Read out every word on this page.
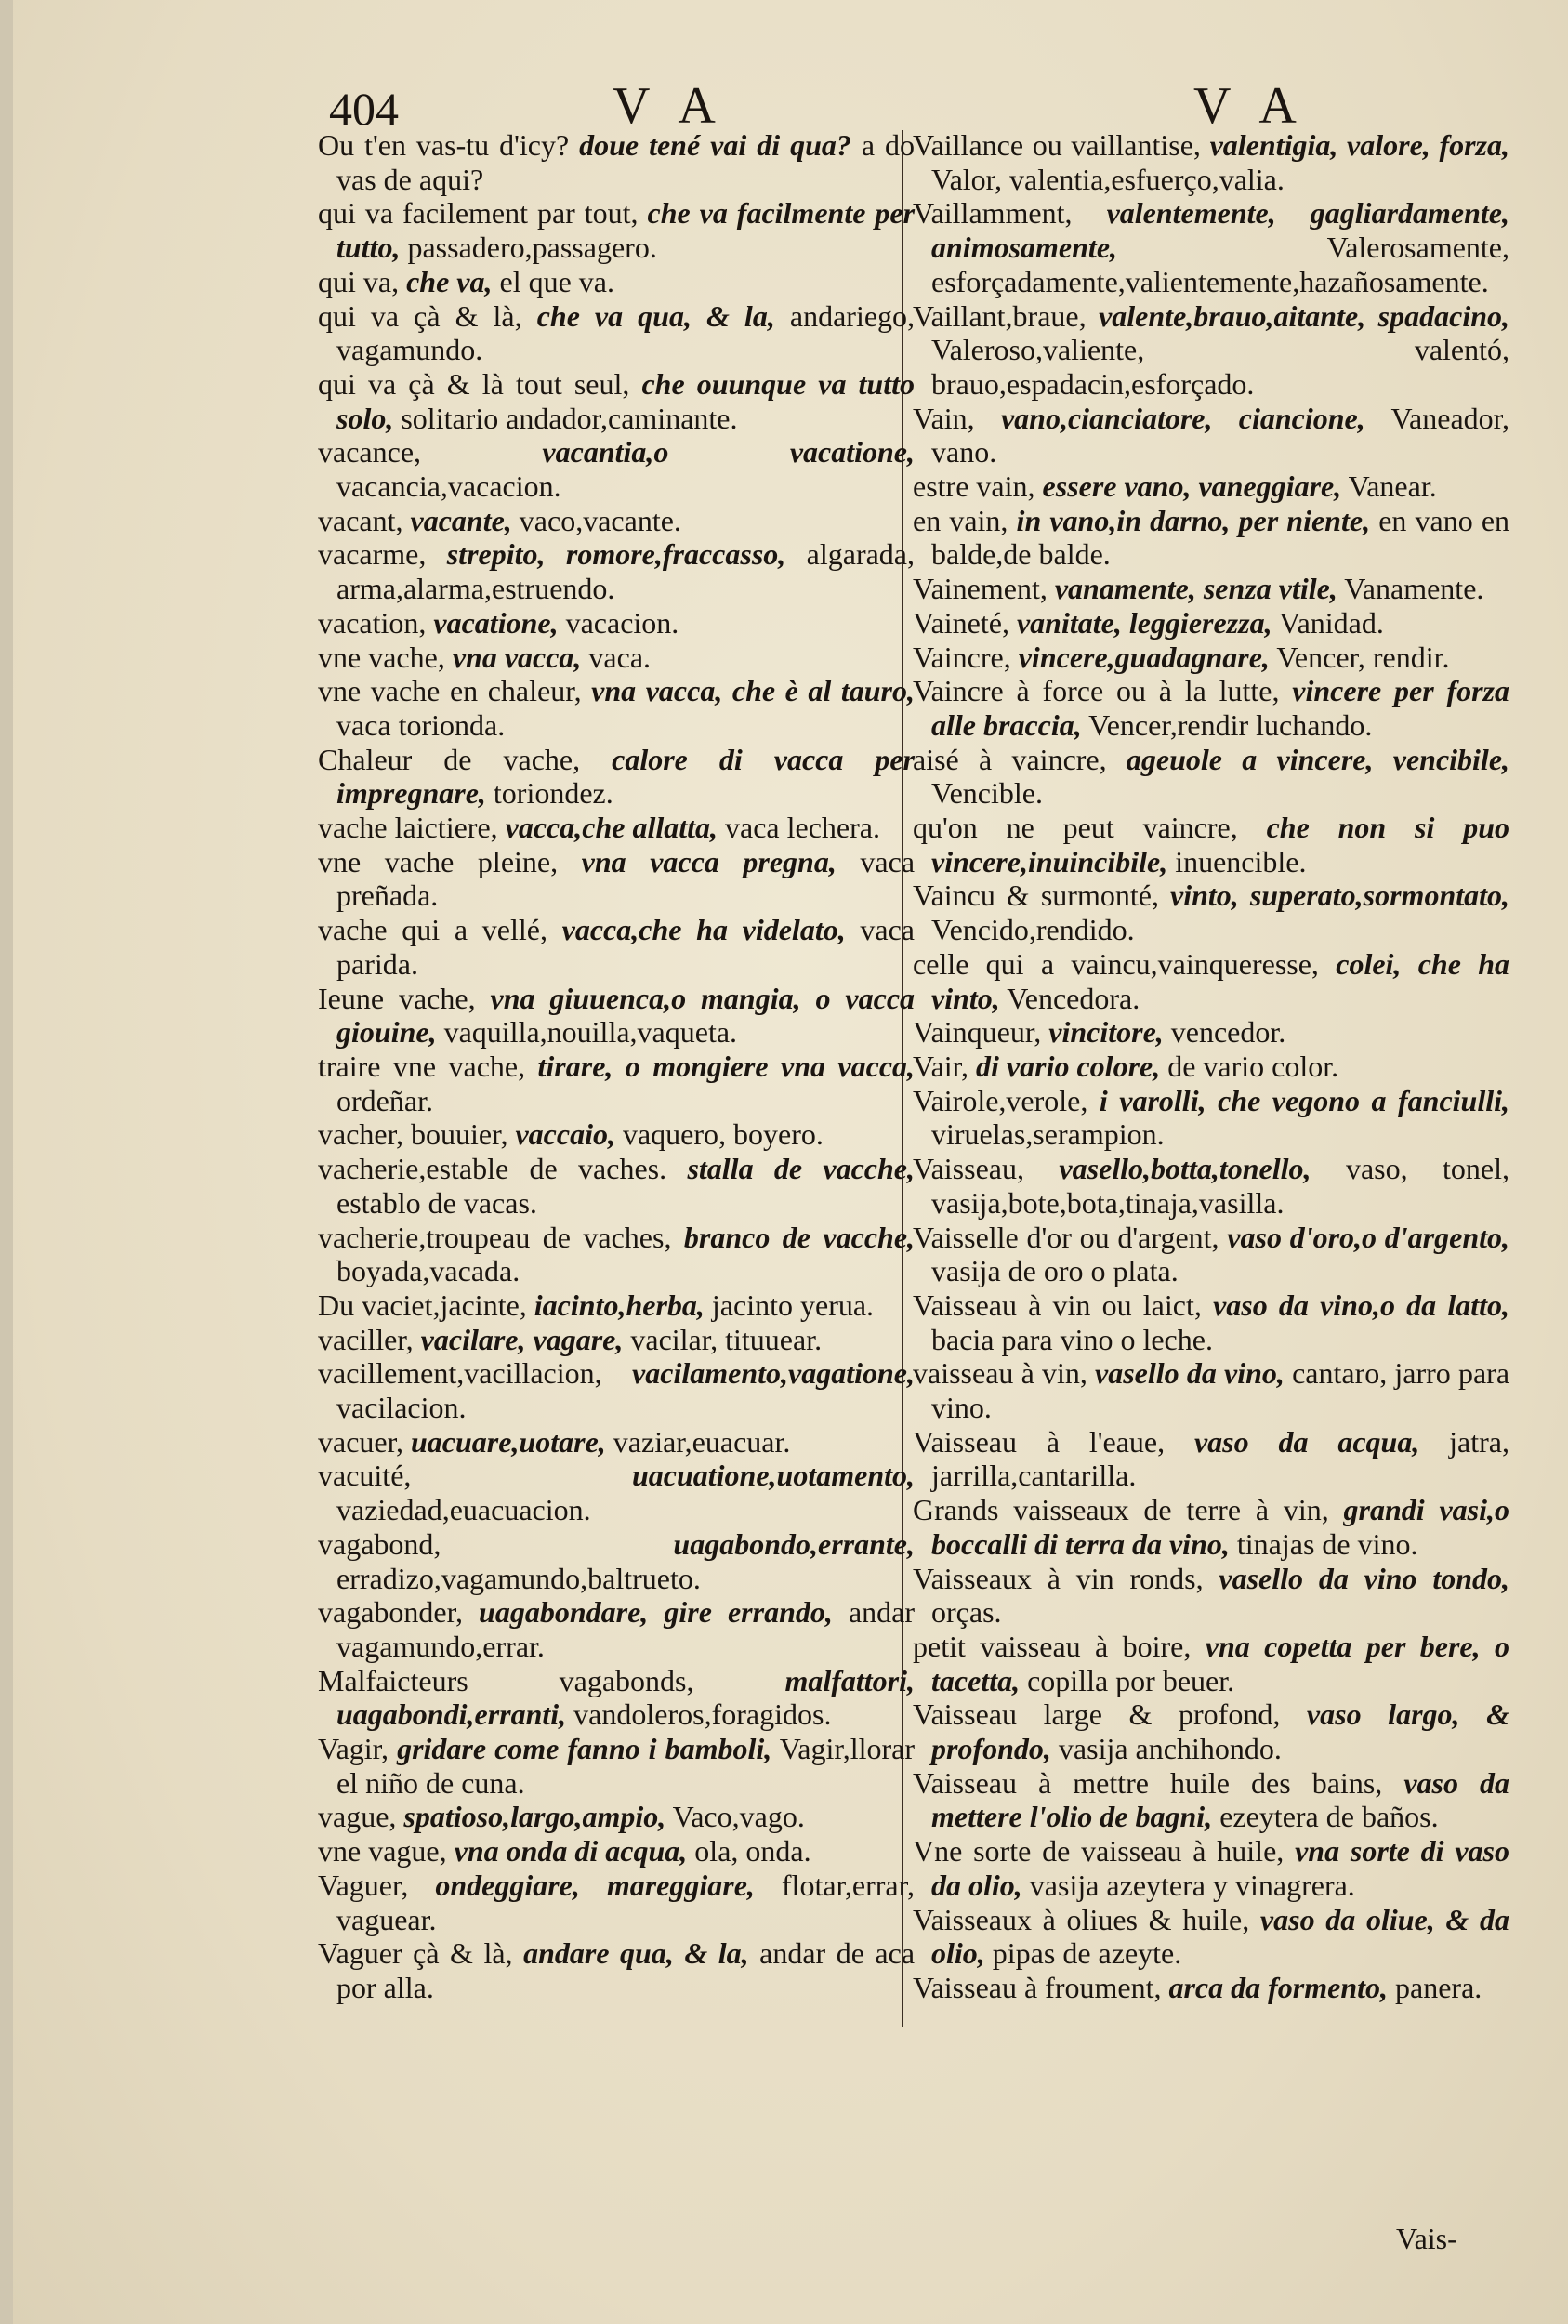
404	V A	V A

Ou t'en vas-tu d'icy? doue tené vai di qua? a do vas de aqui?

qui va facilement par tout, che va facilmente per tutto, passadero,passagero.

qui va, che va, el que va.

qui va çà & là, che va qua, & la, andariego, vagamundo.

qui va çà & là tout seul, che ouunque va tutto solo, solitario andador,caminante.

vacance,	vacantia,o vacatione, vacancia,vacacion.

vacant, vacante, vaco,vacante.

vacarme, strepito, romore,fraccasso, algarada, arma,alarma,estruendo.

vacation, vacatione, vacacion.

vne vache, vna vacca, vaca.

vne vache en chaleur, vna vacca, che è al tauro, vaca torionda.

Chaleur de vache, calore di vacca per impregnare, toriondez.

vache laictiere, vacca,che allatta, vaca lechera.

vne vache pleine, vna vacca pregna, vaca preñada.

vache qui a vellé, vacca,che ha videlato, vaca parida.

Ieune vache, vna giuuenca,o mangia, o vacca giouine, vaquilla,nouilla,vaqueta.

traire vne vache, tirare, o mongiere vna vacca, ordeñar.

vacher, bouuier, vaccaio, vaquero, boyero.

vacherie,estable de vaches. stalla de vacche, establo de vacas.

vacherie,troupeau de vaches, branco de vacche, boyada,vacada.

Du vaciet,jacinte, iacinto,herba, jacinto yerua.

vaciller, vacilare, vagare, vacilar, tituuear.

vacillement,vacillacion, vacilamento,vagatione, vacilacion.

vacuer, uacuare,uotare, vaziar,euacuar.

vacuité,	uacuatione,uotamento, vaziedad,euacuacion.

vagabond,	uagabondo,errante, erradizo,vagamundo,baltrueto.

vagabonder, uagabondare, gire errando, andar vagamundo,errar.

Malfaicteurs vagabonds,	malfattori, uagabondi,erranti, vandoleros,foragidos.

Vagir, gridare come fanno i bamboli, Vagir,llorar el niño de cuna.

vague, spatioso,largo,ampio, Vaco,vago.

vne vague, vna onda di acqua, ola, onda.

Vaguer, ondeggiare, mareggiare, flotar,errar, vaguear.

Vaguer çà & là, andare qua, & la, andar de aca por alla.

Vaillance ou vaillantise, valentigia, valore, forza, Valor, valentia,esfuerço,valia.

Vaillamment, valentemente, gagliardamente, animosamente,	Valerosamente, esforçadamente,valientemente,hazañosamente.

Vaillant,braue, valente,brauo,aitante, spadacino, Valeroso,valiente, valentó, brauo,espadacin,esforçado.

Vain, vano,cianciatore, ciancione, Vaneador, vano.

estre vain, essere vano, vaneggiare, Vanear.

en vain, in vano,in darno, per niente, en vano en balde,de balde.

Vainement, vanamente, senza vtile, Vanamente.

Vaineté, vanitate, leggierezza, Vanidad.

Vaincre, vincere,guadagnare, Vencer, rendir.

Vaincre à force ou à la lutte, vincere per forza alle braccia, Vencer,rendir luchando.

aisé à vaincre, ageuole a vincere, vencibile, Vencible.

qu'on ne peut vaincre, che non si puo vincere,inuincibile, inuencible.

Vaincu & surmonté, vinto, superato,sormontato, Vencido,rendido.

celle qui a vaincu,vainqueresse, colei, che ha vinto, Vencedora.

Vainqueur, vincitore, vencedor.

Vair, di vario colore, de vario color.

Vairole,verole, i varolli, che vegono a fanciulli, viruelas,serampion.

Vaisseau, vasello,botta,tonello, vaso, tonel, vasija,bote,bota,tinaja,vasilla.

Vaisselle d'or ou d'argent, vaso d'oro,o d'argento, vasija de oro o plata.

Vaisseau à vin ou laict, vaso da vino,o da latto, bacia para vino o leche.

vaisseau à vin, vasello da vino, cantaro, jarro para vino.

Vaisseau à l'eaue, vaso da acqua, jatra, jarrilla,cantarilla.

Grands vaisseaux de terre à vin, grandi vasi,o boccalli di terra da vino, tinajas de vino.

Vaisseaux à vin ronds, vasello da vino tondo, orças.

petit vaisseau à boire, vna copetta per bere, o tacetta, copilla por beuer.

Vaisseau large & profond, vaso largo, & profondo, vasija anchihondo.

Vaisseau à mettre huile des bains, vaso da mettere l'olio de bagni, ezeytera de baños.

Vne sorte de vaisseau à huile, vna sorte di vaso da olio, vasija azeytera y vinagrera.

Vaisseaux à oliues & huile, vaso da oliue, & da olio, pipas de azeyte.

Vaisseau à froument, arca da formento, panera.

Vais-
